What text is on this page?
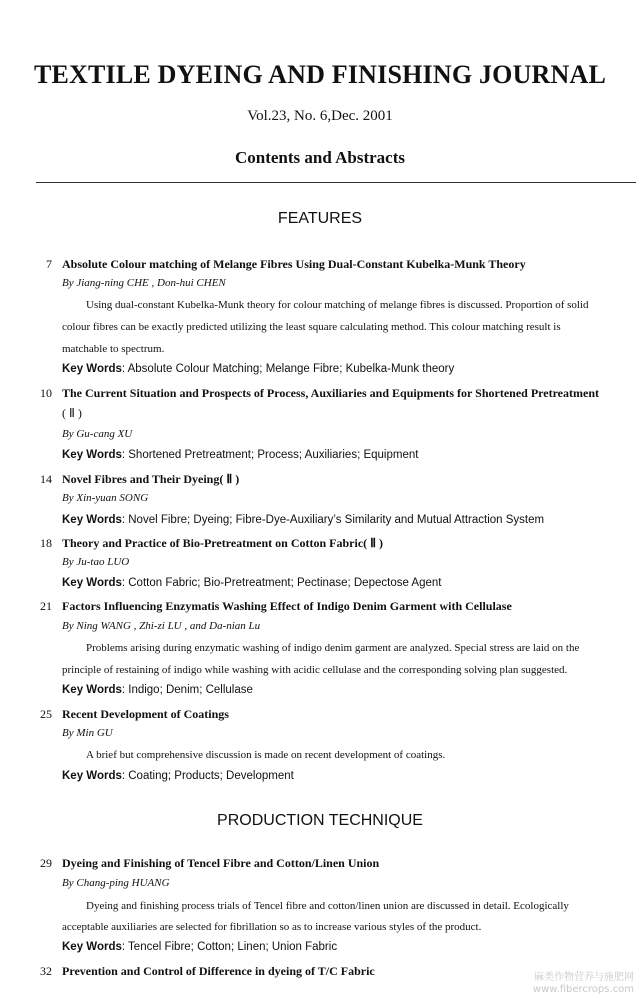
TEXTILE DYEING AND FINISHING JOURNAL
Vol.23, No. 6,Dec. 2001
Contents and Abstracts
FEATURES
7 Absolute Colour matching of Melange Fibres Using Dual-Constant Kubelka-Munk Theory
By Jiang-ning CHE , Don-hui CHEN
Using dual-constant Kubelka-Munk theory for colour matching of melange fibres is discussed. Proportion of solid
colour fibres can be exactly predicted utilizing the least square calculating method. This colour matching result is
matchable to spectrum.
Key Words: Absolute Colour Matching; Melange Fibre; Kubelka-Munk theory
10 The Current Situation and Prospects of Process, Auxiliaries and Equipments for Shortened Pretreatment
( Ⅱ )
By Gu-cang XU
Key Words: Shortened Pretreatment; Process; Auxiliaries; Equipment
14 Novel Fibres and Their Dyeing( Ⅱ )
By Xin-yuan SONG
Key Words: Novel Fibre; Dyeing; Fibre-Dye-Auxiliary’s Similarity and Mutual Attraction System
18 Theory and Practice of Bio-Pretreatment on Cotton Fabric( Ⅱ )
By Ju-tao LUO
Key Words: Cotton Fabric; Bio-Pretreatment; Pectinase; Depectose Agent
21 Factors Influencing Enzymatis Washing Effect of Indigo Denim Garment with Cellulase
By Ning WANG , Zhi-zi LU , and Da-nian Lu
Problems arising during enzymatic washing of indigo denim garment are analyzed. Special stress are laid on the
principle of restaining of indigo while washing with acidic cellulase and the corresponding solving plan suggested.
Key Words: Indigo; Denim; Cellulase
25 Recent Development of Coatings
By Min GU
A brief but comprehensive discussion is made on recent development of coatings.
Key Words: Coating; Products; Development
PRODUCTION TECHNIQUE
29 Dyeing and Finishing of Tencel Fibre and Cotton/Linen Union
By Chang-ping HUANG
Dyeing and finishing process trials of Tencel fibre and cotton/linen union are discussed in detail. Ecologically
acceptable auxiliaries are selected for fibrillation so as to increase various styles of the product.
Key Words: Tencel Fibre; Cotton; Linen; Union Fabric
32 Prevention and Control of Difference in dyeing of T/C Fabric	麻类作物营养与施肥网
www.fibercrops.com
